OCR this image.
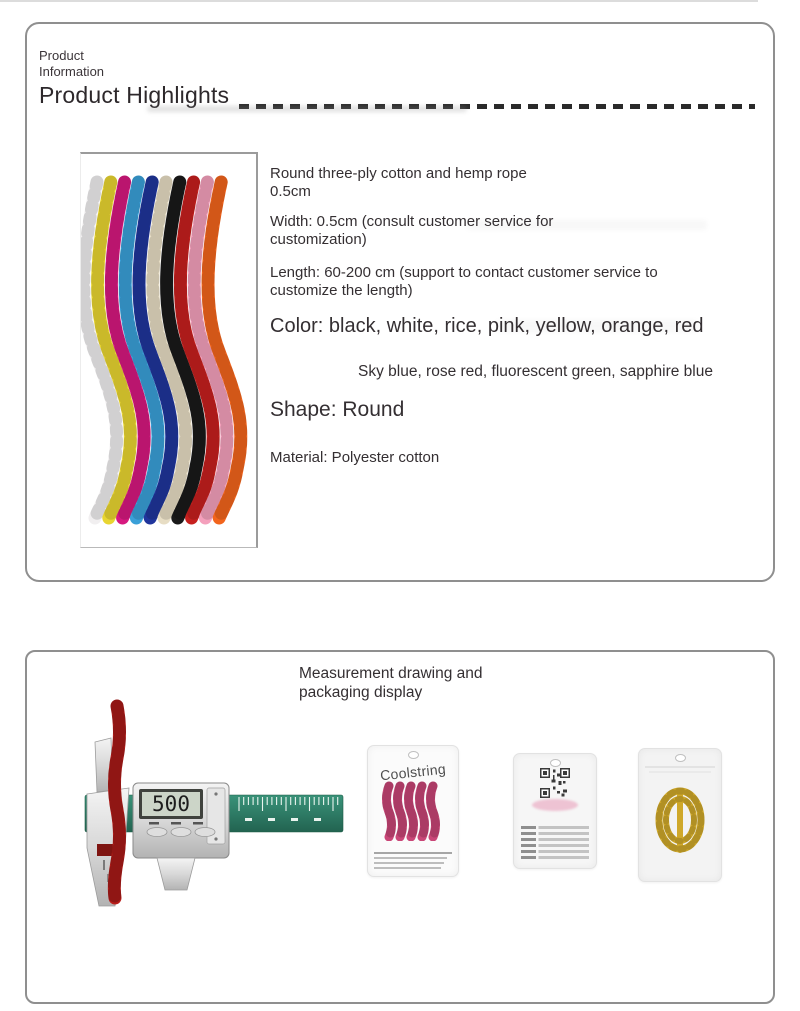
Product
Information
Product Highlights
Round three-ply cotton and hemp rope 0.5cm
Width: 0.5cm (consult customer service for customization)
Length: 60-200 cm (support to contact customer service to customize the length)
Color: black, white, rice, pink, yellow, orange, red
Sky blue, rose red, fluorescent green, sapphire blue
Shape: Round
Material: Polyester cotton
Measurement drawing and packaging display
500
Coolstring
